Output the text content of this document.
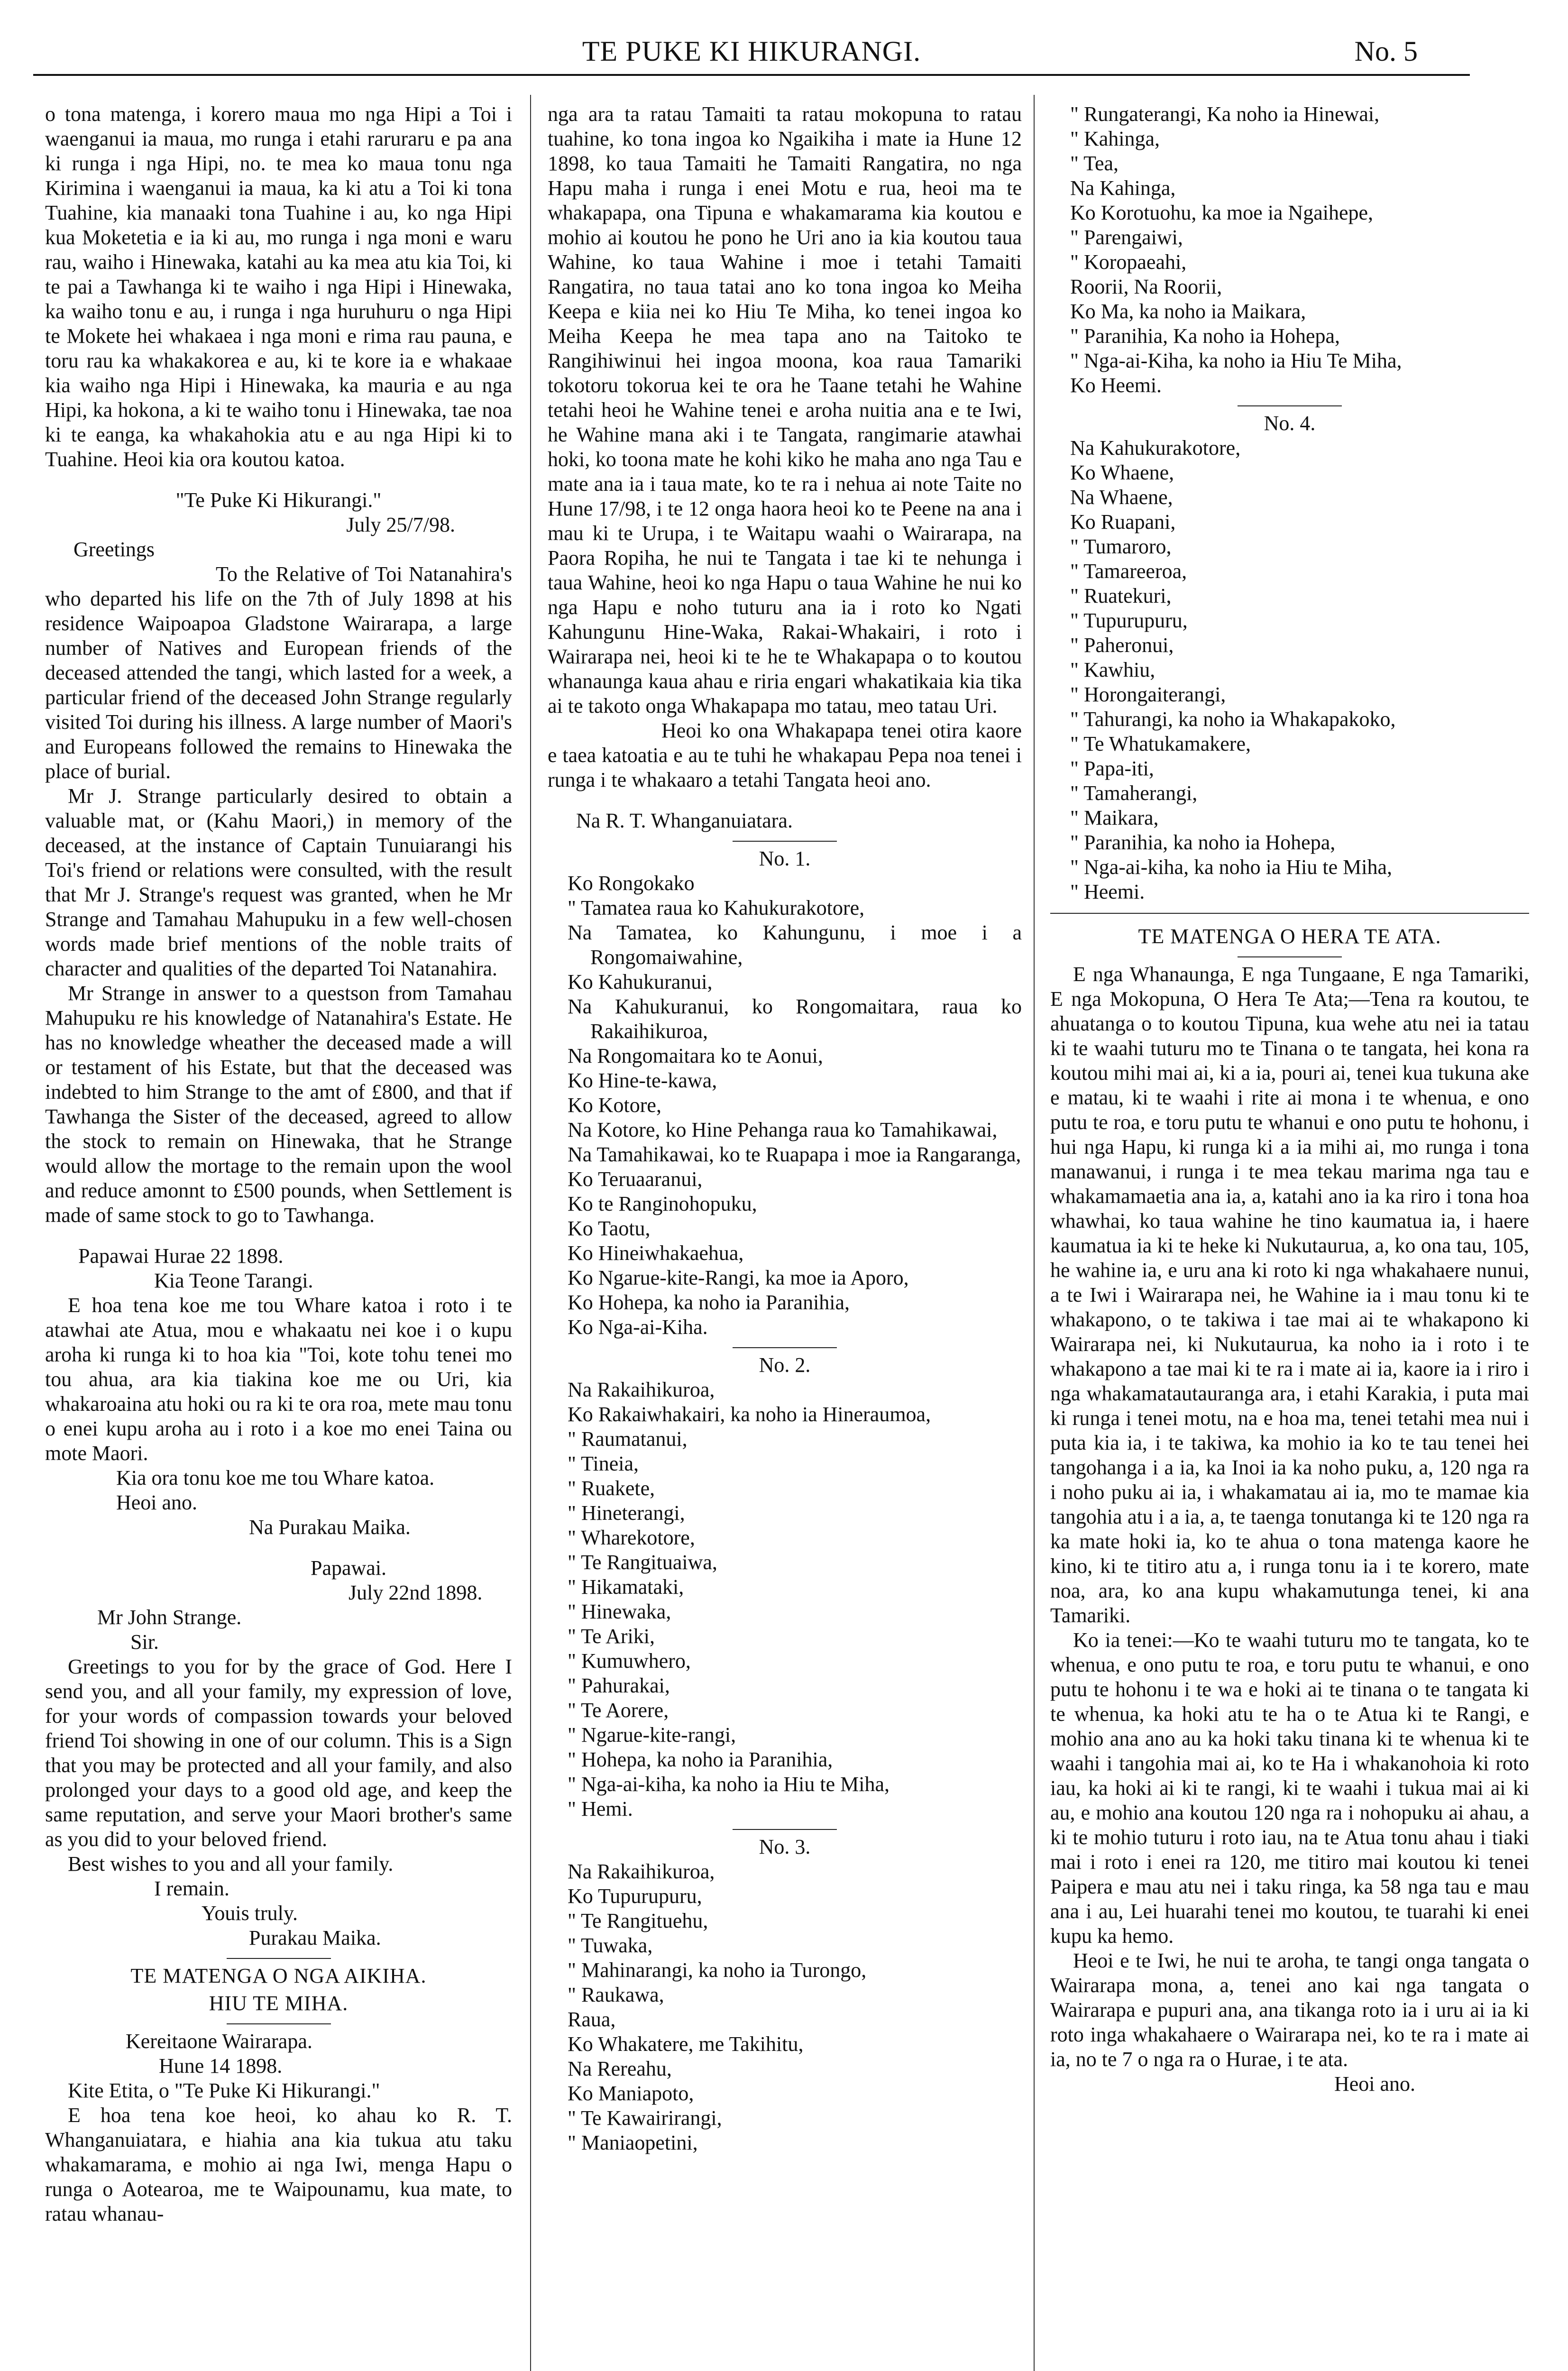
TE PUKE KI HIKURANGI.	No. 5

o tona matenga, i korero maua mo nga Hipi a Toi i waenganui ia maua, mo runga i etahi raruraru e pa ana ki runga i nga Hipi, no. te mea ko maua tonu nga Kirimina i waenganui ia maua, ka ki atu a Toi ki tona Tuahine, kia manaaki tona Tuahine i au, ko nga Hipi kua Moketetia e ia ki au, mo runga i nga moni e waru rau, waiho i Hinewaka, katahi au ka mea atu kia Toi, ki te pai a Tawhanga ki te waiho i nga Hipi i Hinewaka, ka waiho tonu e au, i runga i nga huruhuru o nga Hipi te Mokete hei whakaea i nga moni e rima rau pauna, e toru rau ka whakakorea e au, ki te kore ia e whakaae kia waiho nga Hipi i Hinewaka, ka mauria e au nga Hipi, ka hokona, a ki te waiho tonu i Hinewaka, tae noa ki te eanga, ka whakahokia atu e au nga Hipi ki to Tuahine. Heoi kia ora koutou katoa.

"Te Puke Ki Hikurangi."

July 25/7/98.

Greetings

To the Relative of Toi Natanahira's who departed his life on the 7th of July 1898 at his residence Waipoapoa Gladstone Wairarapa, a large number of Natives and European friends of the deceased attended the tangi, which lasted for a week, a particular friend of the deceased John Strange regularly visited Toi during his illness. A large number of Maori's and Europeans followed the remains to Hinewaka the place of burial.

Mr J. Strange particularly desired to obtain a valuable mat, or (Kahu Maori,) in memory of the deceased, at the instance of Captain Tunuiarangi his Toi's friend or relations were consulted, with the result that Mr J. Strange's request was granted, when he Mr Strange and Tamahau Mahupuku in a few well-chosen words made brief mentions of the noble traits of character and qualities of the departed Toi Natanahira.

Mr Strange in answer to a questson from Tamahau Mahupuku re his knowledge of Natanahira's Estate. He has no knowledge wheather the deceased made a will or testament of his Estate, but that the deceased was indebted to him Strange to the amt of £800, and that if Tawhanga the Sister of the deceased, agreed to allow the stock to remain on Hinewaka, that he Strange would allow the mortage to the remain upon the wool and reduce amonnt to £500 pounds, when Settlement is made of same stock to go to Tawhanga.

Papawai Hurae 22 1898.

Kia Teone Tarangi.

E hoa tena koe me tou Whare katoa i roto i te atawhai ate Atua, mou e whakaatu nei koe i o kupu aroha ki runga ki to hoa kia "Toi, kote tohu tenei mo tou ahua, ara kia tiakina koe me ou Uri, kia whakaroaina atu hoki ou ra ki te ora roa, mete mau tonu o enei kupu aroha au i roto i a koe mo enei Taina ou mote Maori.

Kia ora tonu koe me tou Whare katoa.

Heoi ano.

Na Purakau Maika.

Papawai.

July 22nd 1898.

Mr John Strange.

Sir.

Greetings to you for by the grace of God. Here I send you, and all your family, my expression of love, for your words of compassion towards your beloved friend Toi showing in one of our column. This is a Sign that you may be protected and all your family, and also prolonged your days to a good old age, and keep the same reputation, and serve your Maori brother's same as you did to your beloved friend.

Best wishes to you and all your family.

I remain.

Youis truly.

Purakau Maika.

TE MATENGA O NGA AIKIHA.
HIU TE MIHA.

Kereitaone Wairarapa.

Hune 14 1898.

Kite Etita, o "Te Puke Ki Hikurangi."

E hoa tena koe heoi, ko ahau ko R. T. Whanganuiatara, e hiahia ana kia tukua atu taku whakamarama, e mohio ai nga Iwi, menga Hapu o runga o Aotearoa, me te Waipounamu, kua mate, to ratau whanau-

nga ara ta ratau Tamaiti ta ratau mokopuna to ratau tuahine, ko tona ingoa ko Ngaikiha i mate ia Hune 12 1898, ko taua Tamaiti he Tamaiti Rangatira, no nga Hapu maha i runga i enei Motu e rua, heoi ma te whakapapa, ona Tipuna e whakamarama kia koutou e mohio ai koutou he pono he Uri ano ia kia koutou taua Wahine, ko taua Wahine i moe i tetahi Tamaiti Rangatira, no taua tatai ano ko tona ingoa ko Meiha Keepa e kiia nei ko Hiu Te Miha, ko tenei ingoa ko Meiha Keepa he mea tapa ano na Taitoko te Rangihiwinui hei ingoa moona, koa raua Tamariki tokotoru tokorua kei te ora he Taane tetahi he Wahine tetahi heoi he Wahine tenei e aroha nuitia ana e te Iwi, he Wahine mana aki i te Tangata, rangimarie atawhai hoki, ko toona mate he kohi kiko he maha ano nga Tau e mate ana ia i taua mate, ko te ra i nehua ai note Taite no Hune 17/98, i te 12 onga haora heoi ko te Peene na ana i mau ki te Urupa, i te Waitapu waahi o Wairarapa, na Paora Ropiha, he nui te Tangata i tae ki te nehunga i taua Wahine, heoi ko nga Hapu o taua Wahine he nui ko nga Hapu e noho tuturu ana ia i roto ko Ngati Kahungunu Hine-Waka, Rakai-Whakairi, i roto i Wairarapa nei, heoi ki te he te Whakapapa o to koutou whanaunga kaua ahau e riria engari whakatikaia kia tika ai te takoto onga Whakapapa mo tatau, meo tatau Uri.

Heoi ko ona Whakapapa tenei otira kaore e taea katoatia e au te tuhi he whakapau Pepa noa tenei i runga i te whakaaro a tetahi Tangata heoi ano.

Na R. T. Whanganuiatara.

No. 1.

Ko Rongokako

" Tamatea raua ko Kahukurakotore,

Na Tamatea, ko Kahungunu, i moe i a Rongomaiwahine,

Ko Kahukuranui,

Na Kahukuranui, ko Rongomaitara, raua ko Rakaihikuroa,

Na Rongomaitara ko te Aonui,

Ko Hine-te-kawa,

Ko Kotore,

Na Kotore, ko Hine Pehanga raua ko Tamahikawai,

Na Tamahikawai, ko te Ruapapa i moe ia Rangaranga,

Ko Teruaaranui,

Ko te Ranginohopuku,

Ko Taotu,

Ko Hineiwhakaehua,

Ko Ngarue-kite-Rangi, ka moe ia Aporo,

Ko Hohepa, ka noho ia Paranihia,

Ko Nga-ai-Kiha.

No. 2.

Na Rakaihikuroa,

Ko Rakaiwhakairi, ka noho ia Hineraumoa,

" Raumatanui,

" Tineia,

" Ruakete,

" Hineterangi,

" Wharekotore,

" Te Rangituaiwa,

" Hikamataki,

" Hinewaka,

" Te Ariki,

" Kumuwhero,

" Pahurakai,

" Te Aorere,

" Ngarue-kite-rangi,

" Hohepa, ka noho ia Paranihia,

" Nga-ai-kiha, ka noho ia Hiu te Miha,

" Hemi.

No. 3.

Na Rakaihikuroa,

Ko Tupurupuru,

" Te Rangituehu,

" Tuwaka,

" Mahinarangi, ka noho ia Turongo,

" Raukawa,

Raua,

Ko Whakatere, me Takihitu,

Na Rereahu,

Ko Maniapoto,

" Te Kawairirangi,

" Maniaopetini,

" Rungaterangi, Ka noho ia Hinewai,

" Kahinga,

" Tea,

Na Kahinga,

Ko Korotuohu, ka moe ia Ngaihepe,

" Parengaiwi,

" Koropaeahi,

Roorii, Na Roorii,

Ko Ma, ka noho ia Maikara,

" Paranihia, Ka noho ia Hohepa,

" Nga-ai-Kiha, ka noho ia Hiu Te Miha,

Ko Heemi.

No. 4.

Na Kahukurakotore,

Ko Whaene,

Na Whaene,

Ko Ruapani,

" Tumaroro,

" Tamareeroa,

" Ruatekuri,

" Tupurupuru,

" Paheronui,

" Kawhiu,

" Horongaiterangi,

" Tahurangi, ka noho ia Whakapakoko,

" Te Whatukamakere,

" Papa-iti,

" Tamaherangi,

" Maikara,

" Paranihia, ka noho ia Hohepa,

" Nga-ai-kiha, ka noho ia Hiu te Miha,

" Heemi.

TE MATENGA O HERA TE ATA.

E nga Whanaunga, E nga Tungaane, E nga Tamariki, E nga Mokopuna, O Hera Te Ata;—Tena ra koutou, te ahuatanga o to koutou Tipuna, kua wehe atu nei ia tatau ki te waahi tuturu mo te Tinana o te tangata, hei kona ra koutou mihi mai ai, ki a ia, pouri ai, tenei kua tukuna ake e matau, ki te waahi i rite ai mona i te whenua, e ono putu te roa, e toru putu te whanui e ono putu te hohonu, i hui nga Hapu, ki runga ki a ia mihi ai, mo runga i tona manawanui, i runga i te mea tekau marima nga tau e whakamamaetia ana ia, a, katahi ano ia ka riro i tona hoa whawhai, ko taua wahine he tino kaumatua ia, i haere kaumatua ia ki te heke ki Nukutaurua, a, ko ona tau, 105, he wahine ia, e uru ana ki roto ki nga whakahaere nunui, a te Iwi i Wairarapa nei, he Wahine ia i mau tonu ki te whakapono, o te takiwa i tae mai ai te whakapono ki Wairarapa nei, ki Nukutaurua, ka noho ia i roto i te whakapono a tae mai ki te ra i mate ai ia, kaore ia i riro i nga whakamatautauranga ara, i etahi Karakia, i puta mai ki runga i tenei motu, na e hoa ma, tenei tetahi mea nui i puta kia ia, i te takiwa, ka mohio ia ko te tau tenei hei tangohanga i a ia, ka Inoi ia ka noho puku, a, 120 nga ra i noho puku ai ia, i whakamatau ai ia, mo te mamae kia tangohia atu i a ia, a, te taenga tonutanga ki te 120 nga ra ka mate hoki ia, ko te ahua o tona matenga kaore he kino, ki te titiro atu a, i runga tonu ia i te korero, mate noa, ara, ko ana kupu whakamutunga tenei, ki ana Tamariki.

Ko ia tenei:—Ko te waahi tuturu mo te tangata, ko te whenua, e ono putu te roa, e toru putu te whanui, e ono putu te hohonu i te wa e hoki ai te tinana o te tangata ki te whenua, ka hoki atu te ha o te Atua ki te Rangi, e mohio ana ano au ka hoki taku tinana ki te whenua ki te waahi i tangohia mai ai, ko te Ha i whakanohoia ki roto iau, ka hoki ai ki te rangi, ki te waahi i tukua mai ai ki au, e mohio ana koutou 120 nga ra i nohopuku ai ahau, a ki te mohio tuturu i roto iau, na te Atua tonu ahau i tiaki mai i roto i enei ra 120, me titiro mai koutou ki tenei Paipera e mau atu nei i taku ringa, ka 58 nga tau e mau ana i au, Lei huarahi tenei mo koutou, te tuarahi ki enei kupu ka hemo.

Heoi e te Iwi, he nui te aroha, te tangi onga tangata o Wairarapa mona, a, tenei ano kai nga tangata o Wairarapa e pupuri ana, ana tikanga roto ia i uru ai ia ki roto inga whakahaere o Wairarapa nei, ko te ra i mate ai ia, no te 7 o nga ra o Hurae, i te ata.

Heoi ano.
